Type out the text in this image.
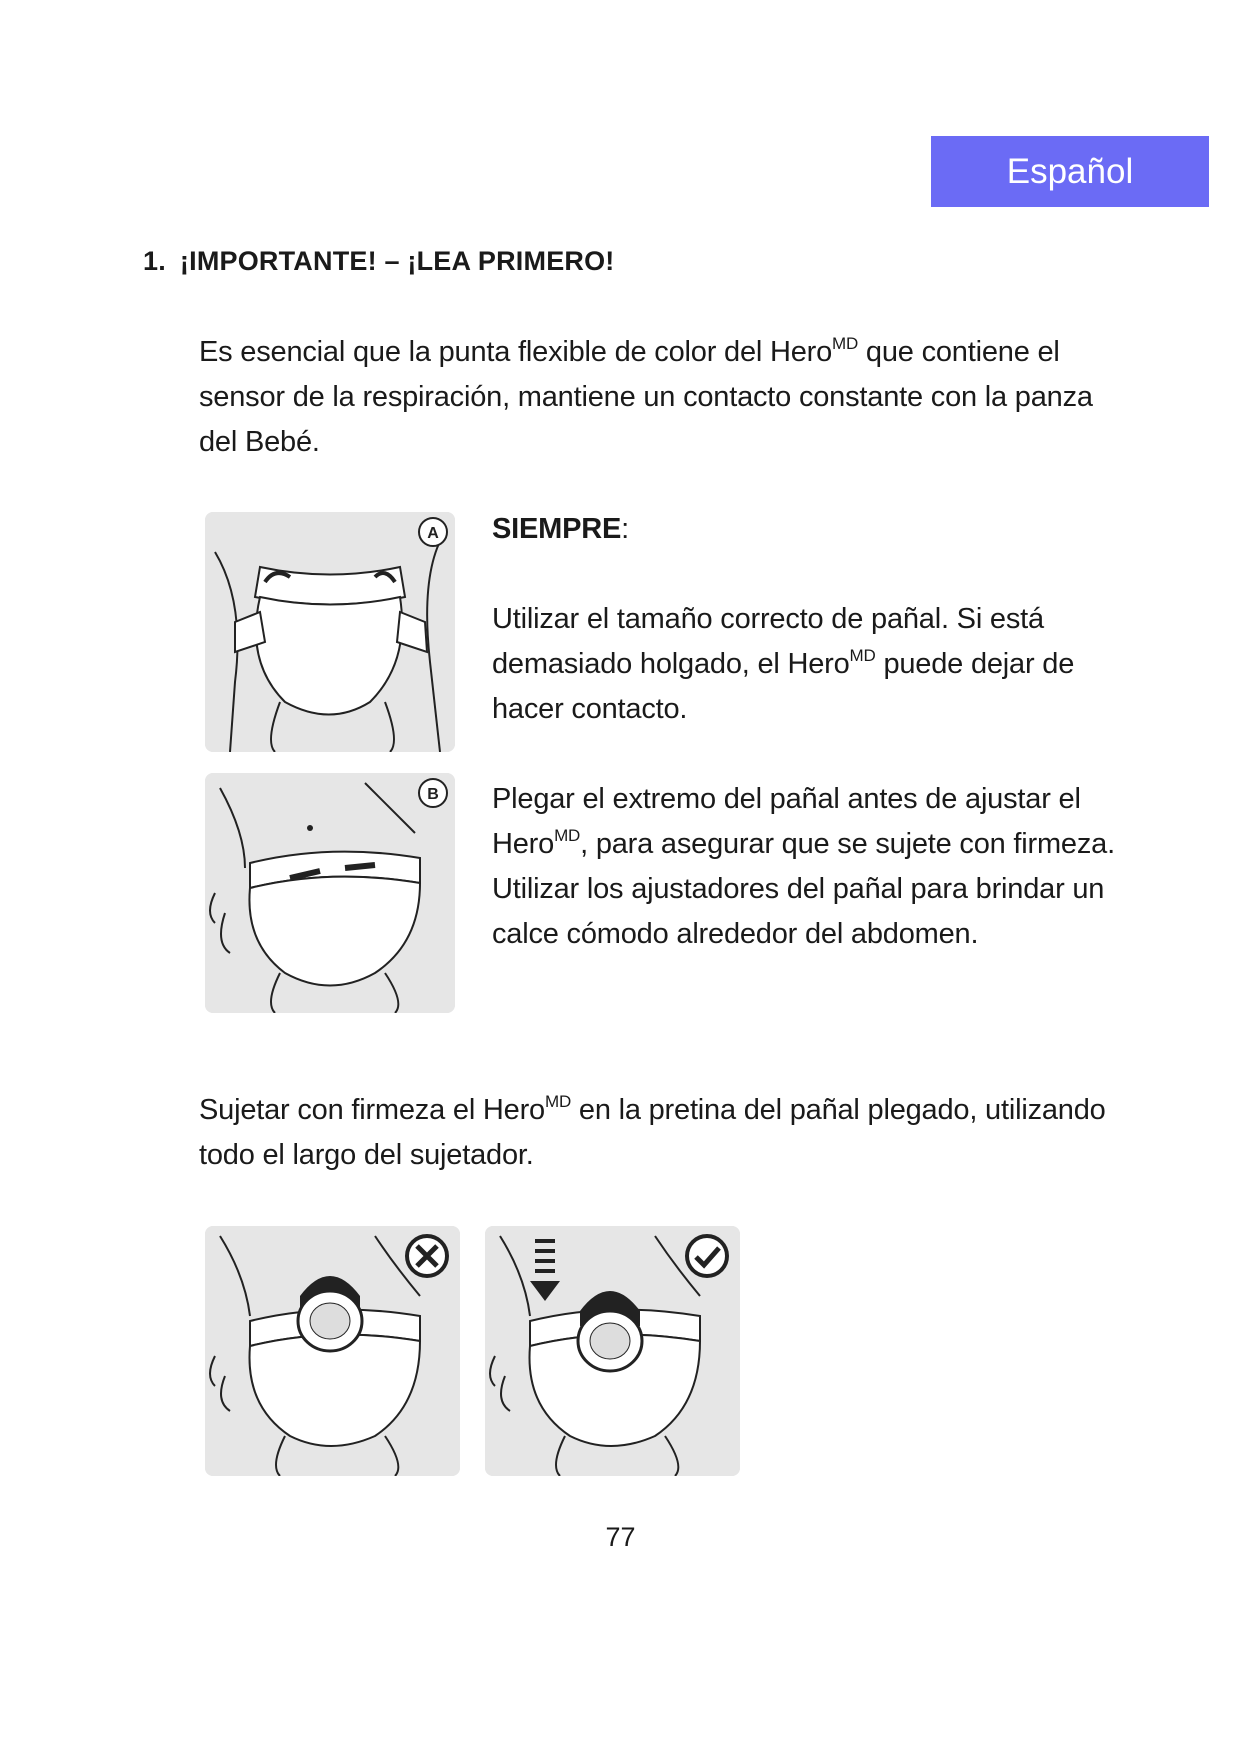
Español
1. ¡IMPORTANTE! – ¡LEA PRIMERO!
Es esencial que la punta flexible de color del Hero$^{MD}$ que contiene el sensor de la respiración, mantiene un contacto constante con la panza del Bebé.
A SIEMPRE:
Utilizar el tamaño correcto de pañal. Si está demasiado holgado, el Hero$^{MD}$ puede dejar de hacer contacto.
B Plegar el extremo del pañal antes de ajustar el Hero$^{MD}$, para asegurar que se sujete con firmeza. Utilizar los ajustadores del pañal para brindar un calce cómodo alrededor del abdomen.
Sujetar con firmeza el Hero$^{MD}$ en la pretina del pañal plegado, utilizando todo el largo del sujetador.
77
